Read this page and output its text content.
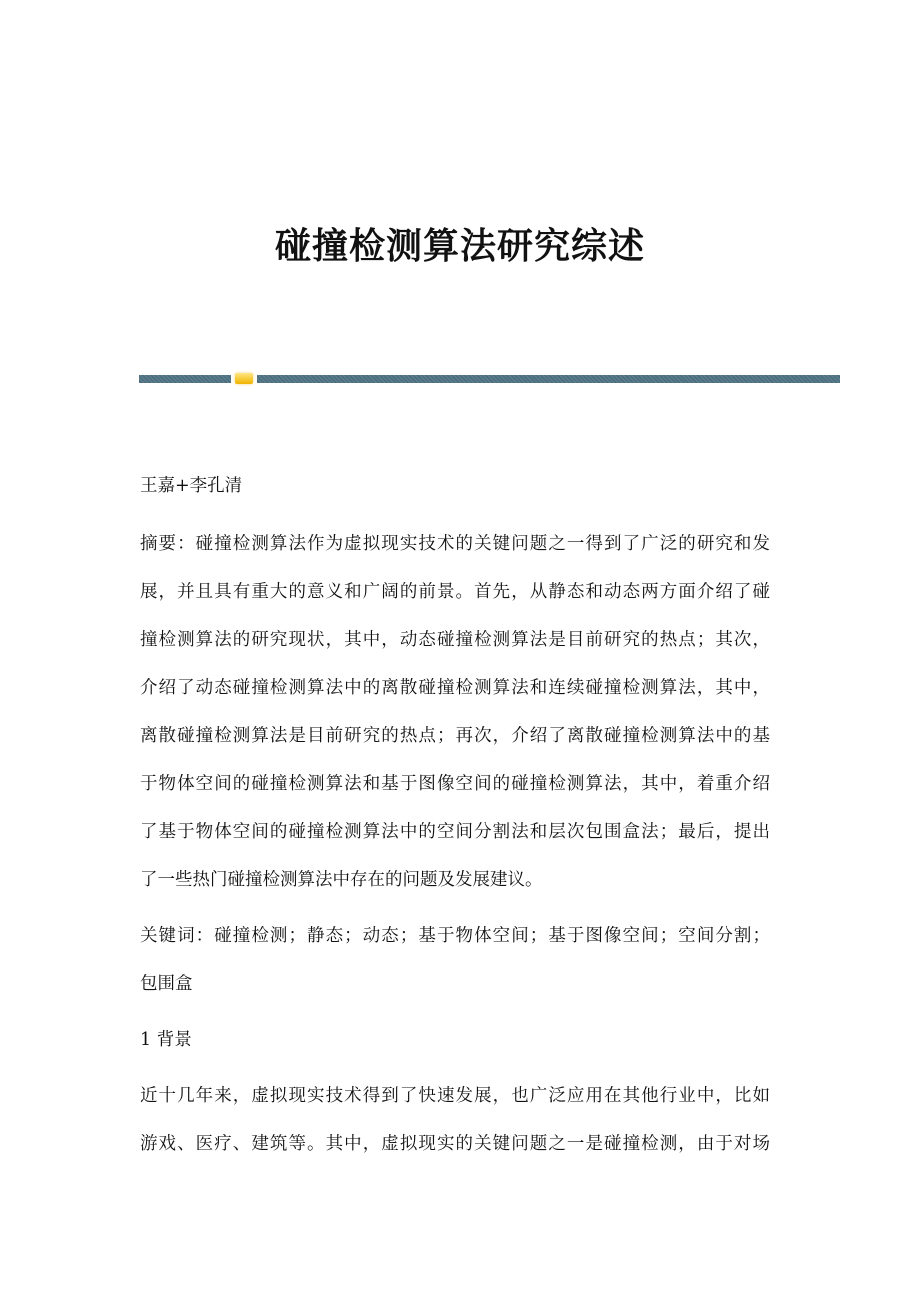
碰撞检测算法研究综述
王嘉+李孔清
摘要：碰撞检测算法作为虚拟现实技术的关键问题之一得到了广泛的研究和发
展，并且具有重大的意义和广阔的前景。首先，从静态和动态两方面介绍了碰
撞检测算法的研究现状，其中，动态碰撞检测算法是目前研究的热点；其次，
介绍了动态碰撞检测算法中的离散碰撞检测算法和连续碰撞检测算法，其中，
离散碰撞检测算法是目前研究的热点；再次，介绍了离散碰撞检测算法中的基
于物体空间的碰撞检测算法和基于图像空间的碰撞检测算法，其中，着重介绍
了基于物体空间的碰撞检测算法中的空间分割法和层次包围盒法；最后，提出
了一些热门碰撞检测算法中存在的问题及发展建议。
关键词：碰撞检测；静态；动态；基于物体空间；基于图像空间；空间分割；
包围盒
1 背景
近十几年来，虚拟现实技术得到了快速发展，也广泛应用在其他行业中，比如
游戏、医疗、建筑等。其中，虚拟现实的关键问题之一是碰撞检测，由于对场
